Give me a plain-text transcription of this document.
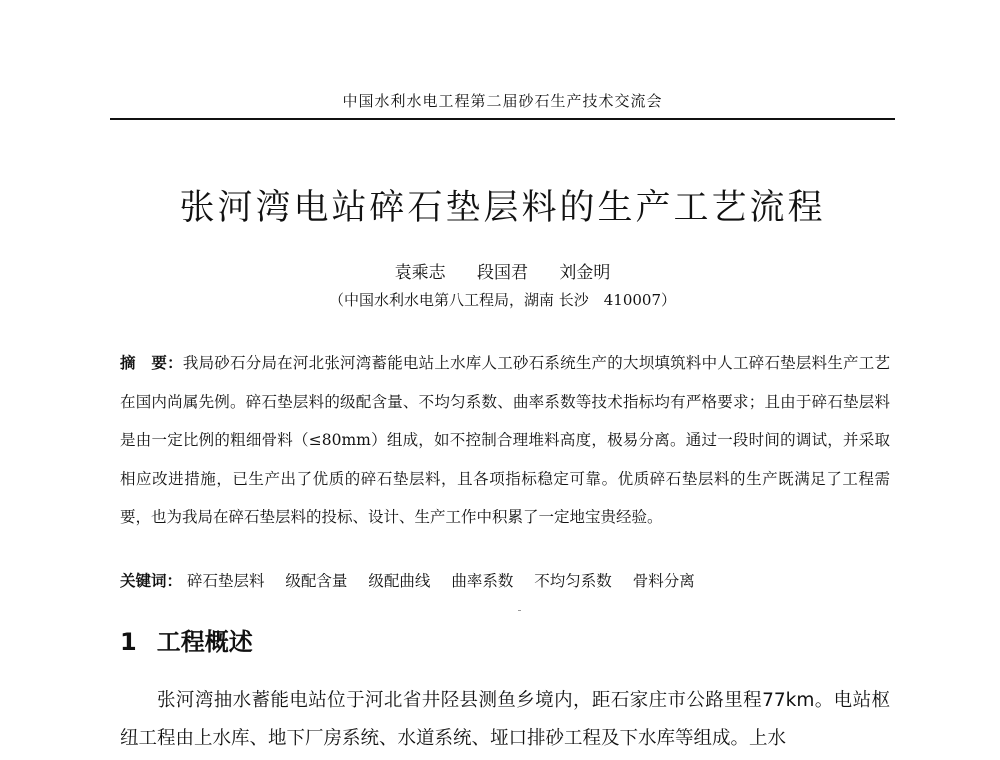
中国水利水电工程第二届砂石生产技术交流会
张河湾电站碎石垫层料的生产工艺流程
袁乘志 段国君 刘金明
（中国水利水电第八工程局，湖南 长沙　410007）
摘　要：我局砂石分局在河北张河湾蓄能电站上水库人工砂石系统生产的大坝填筑料中人工碎石垫层料生产工艺在国内尚属先例。碎石垫层料的级配含量、不均匀系数、曲率系数等技术指标均有严格要求；且由于碎石垫层料是由一定比例的粗细骨料（≤80mm）组成，如不控制合理堆料高度，极易分离。通过一段时间的调试，并采取相应改进措施，已生产出了优质的碎石垫层料，且各项指标稳定可靠。优质碎石垫层料的生产既满足了工程需要，也为我局在碎石垫层料的投标、设计、生产工作中积累了一定地宝贵经验。
关键词： 碎石垫层料 级配含量 级配曲线 曲率系数 不均匀系数 骨料分离
1 工程概述
张河湾抽水蓄能电站位于河北省井陉县测鱼乡境内，距石家庄市公路里程77km。电站枢纽工程由上水库、地下厂房系统、水道系统、垭口排砂工程及下水库等组成。上水
